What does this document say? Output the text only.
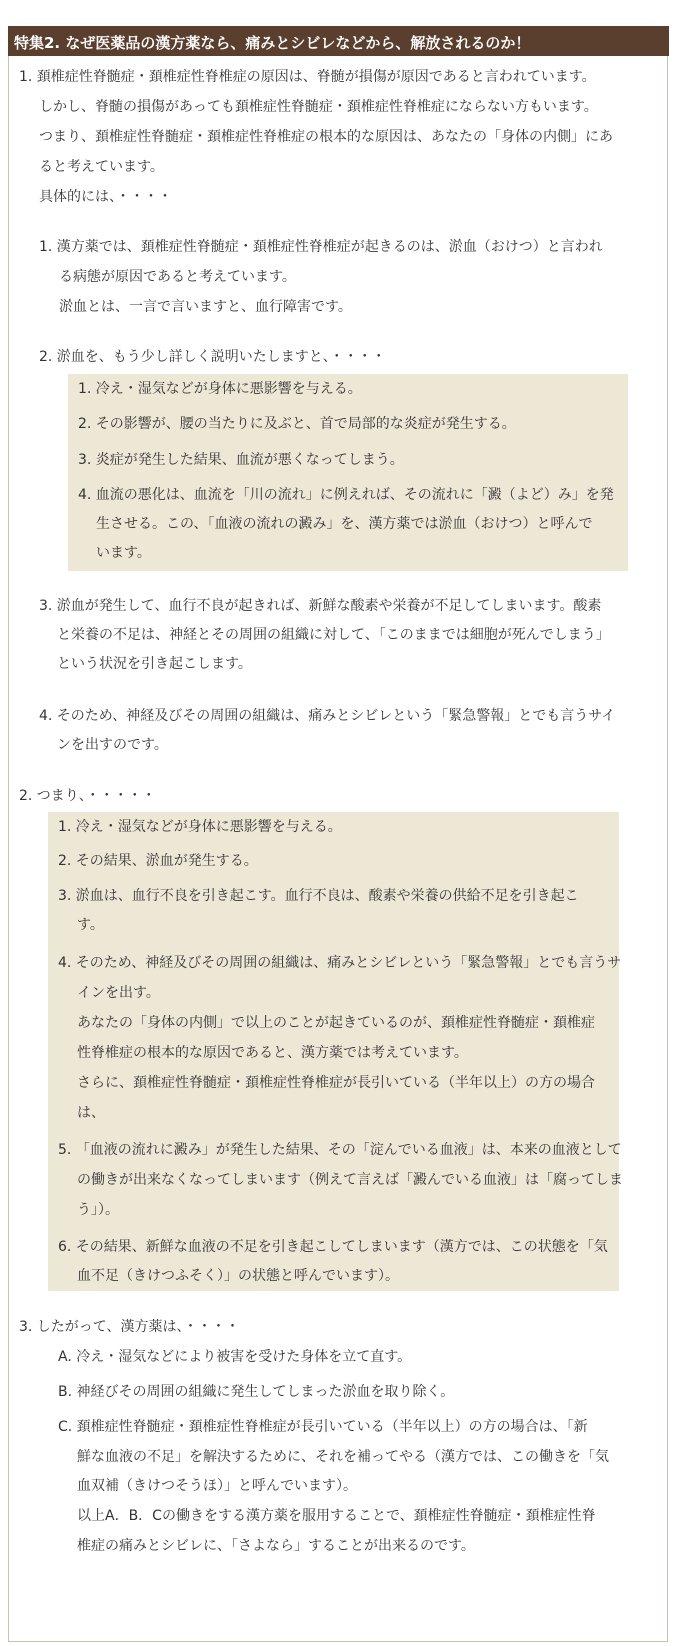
特集2. なぜ医薬品の漢方薬なら、痛みとシビレなどから、解放されるのか！
1. 頚椎症性脊髄症・頚椎症性脊椎症の原因は、脊髄が損傷が原因であると言われています。
しかし、脊髄の損傷があっても頚椎症性脊髄症・頚椎症性脊椎症にならない方もいます。
つまり、頚椎症性脊髄症・頚椎症性脊椎症の根本的な原因は、あなたの「身体の内側」にあ
ると考えています。
具体的には、・・・・
1. 漢方薬では、頚椎症性脊髄症・頚椎症性脊椎症が起きるのは、淤血（おけつ）と言われ
る病態が原因であると考えています。
淤血とは、一言で言いますと、血行障害です。
2. 淤血を、もう少し詳しく説明いたしますと、・・・・
1. 冷え・湿気などが身体に悪影響を与える。
2. その影響が、腰の当たりに及ぶと、首で局部的な炎症が発生する。
3. 炎症が発生した結果、血流が悪くなってしまう。
4. 血流の悪化は、血流を「川の流れ」に例えれば、その流れに「澱（よど）み」を発
生させる。この、「血液の流れの澱み」を、漢方薬では淤血（おけつ）と呼んで
います。
3. 淤血が発生して、血行不良が起きれば、新鮮な酸素や栄養が不足してしまいます。酸素
と栄養の不足は、神経とその周囲の組織に対して、「このままでは細胞が死んでしまう」
という状況を引き起こします。
4. そのため、神経及びその周囲の組織は、痛みとシビレという「緊急警報」とでも言うサイ
ンを出すのです。
2. つまり、・・・・・
1. 冷え・湿気などが身体に悪影響を与える。
2. その結果、淤血が発生する。
3. 淤血は、血行不良を引き起こす。血行不良は、酸素や栄養の供給不足を引き起こ
す。
4. そのため、神経及びその周囲の組織は、痛みとシビレという「緊急警報」とでも言うサ
インを出す。
あなたの「身体の内側」で以上のことが起きているのが、頚椎症性脊髄症・頚椎症
性脊椎症の根本的な原因であると、漢方薬では考えています。
さらに、頚椎症性脊髄症・頚椎症性脊椎症が長引いている（半年以上）の方の場合
は、
5. 「血液の流れに澱み」が発生した結果、その「淀んでいる血液」は、本来の血液として
の働きが出来なくなってしまいます（例えて言えば「澱んでいる血液」は「腐ってしま
う」）。
6. その結果、新鮮な血液の不足を引き起こしてしまいます（漢方では、この状態を「気
血不足（きけつふそく）」の状態と呼んでいます）。
3. したがって、漢方薬は、・・・・
A. 冷え・湿気などにより被害を受けた身体を立て直す。
B. 神経びその周囲の組織に発生してしまった淤血を取り除く。
C. 頚椎症性脊髄症・頚椎症性脊椎症が長引いている（半年以上）の方の場合は、「新
鮮な血液の不足」を解決するために、それを補ってやる（漢方では、この働きを「気
血双補（きけつそうほ）」と呼んでいます）。
以上A．B．Cの働きをする漢方薬を服用することで、頚椎症性脊髄症・頚椎症性脊
椎症の痛みとシビレに、「さよなら」することが出来るのです。
